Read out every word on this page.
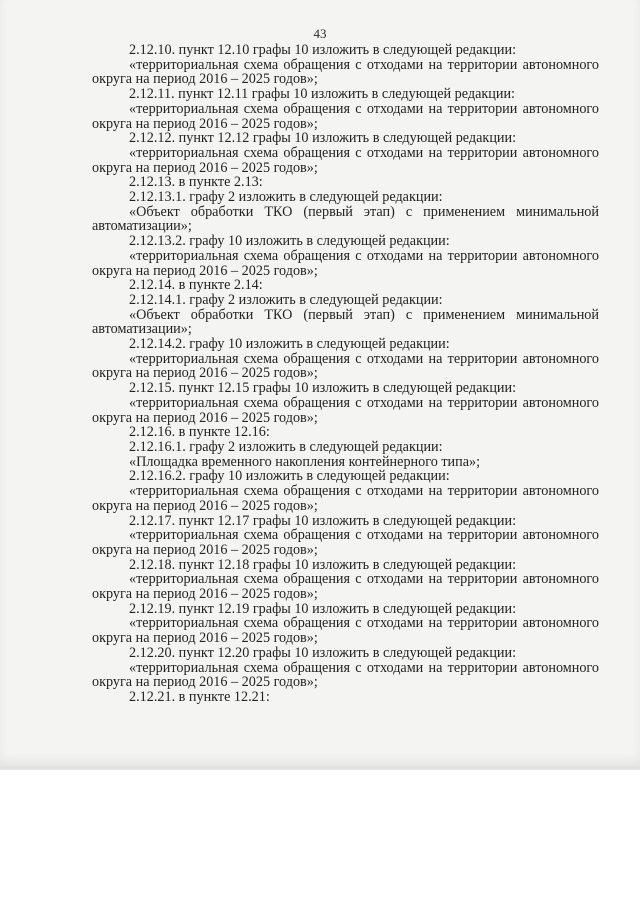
43

2.12.10. пункт 12.10 графы 10 изложить в следующей редакции:

«территориальная схема обращения с отходами на территории автономного округа на период 2016 – 2025 годов»;

2.12.11. пункт 12.11 графы 10 изложить в следующей редакции:

«территориальная схема обращения с отходами на территории автономного округа на период 2016 – 2025 годов»;

2.12.12. пункт 12.12 графы 10 изложить в следующей редакции:

«территориальная схема обращения с отходами на территории автономного округа на период 2016 – 2025 годов»;

2.12.13. в пункте 2.13:

2.12.13.1. графу 2 изложить в следующей редакции:

«Объект обработки ТКО (первый этап) с применением минимальной автоматизации»;

2.12.13.2. графу 10 изложить в следующей редакции:

«территориальная схема обращения с отходами на территории автономного округа на период 2016 – 2025 годов»;

2.12.14. в пункте 2.14:

2.12.14.1. графу 2 изложить в следующей редакции:

«Объект обработки ТКО (первый этап) с применением минимальной автоматизации»;

2.12.14.2. графу 10 изложить в следующей редакции:

«территориальная схема обращения с отходами на территории автономного округа на период 2016 – 2025 годов»;

2.12.15. пункт 12.15 графы 10 изложить в следующей редакции:

«территориальная схема обращения с отходами на территории автономного округа на период 2016 – 2025 годов»;

2.12.16. в пункте 12.16:

2.12.16.1. графу 2 изложить в следующей редакции:

«Площадка временного накопления контейнерного типа»;

2.12.16.2. графу 10 изложить в следующей редакции:

«территориальная схема обращения с отходами на территории автономного округа на период 2016 – 2025 годов»;

2.12.17. пункт 12.17 графы 10 изложить в следующей редакции:

«территориальная схема обращения с отходами на территории автономного округа на период 2016 – 2025 годов»;

2.12.18. пункт 12.18 графы 10 изложить в следующей редакции:

«территориальная схема обращения с отходами на территории автономного округа на период 2016 – 2025 годов»;

2.12.19. пункт 12.19 графы 10 изложить в следующей редакции:

«территориальная схема обращения с отходами на территории автономного округа на период 2016 – 2025 годов»;

2.12.20. пункт 12.20 графы 10 изложить в следующей редакции:

«территориальная схема обращения с отходами на территории автономного округа на период 2016 – 2025 годов»;

2.12.21. в пункте 12.21:
